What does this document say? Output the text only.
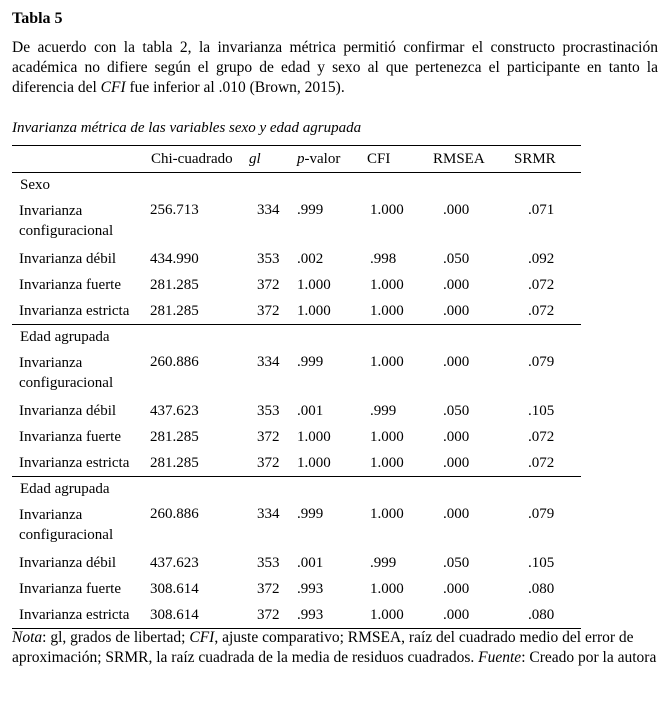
Tabla 5
De acuerdo con la tabla 2, la invarianza métrica permitió confirmar el constructo procrastinación académica no difiere según el grupo de edad y sexo al que pertenezca el participante en tanto la diferencia del CFI fue inferior al .010 (Brown, 2015).
Invarianza métrica de las variables sexo y edad agrupada
	Chi-cuadrado	gl	p-valor	CFI	RMSEA	SRMR
Sexo						
Invarianza configuracional	256.713	334	.999	1.000	.000	.071
Invarianza débil	434.990	353	.002	.998	.050	.092
Invarianza fuerte	281.285	372	1.000	1.000	.000	.072
Invarianza estricta	281.285	372	1.000	1.000	.000	.072
Edad agrupada						
Invarianza configuracional	260.886	334	.999	1.000	.000	.079
Invarianza débil	437.623	353	.001	.999	.050	.105
Invarianza fuerte	281.285	372	1.000	1.000	.000	.072
Invarianza estricta	281.285	372	1.000	1.000	.000	.072
Edad agrupada						
Invarianza configuracional	260.886	334	.999	1.000	.000	.079
Invarianza débil	437.623	353	.001	.999	.050	.105
Invarianza fuerte	308.614	372	.993	1.000	.000	.080
Invarianza estricta	308.614	372	.993	1.000	.000	.080
Nota: gl, grados de libertad; CFI, ajuste comparativo; RMSEA, raíz del cuadrado medio del error de aproximación; SRMR, la raíz cuadrada de la media de residuos cuadrados. Fuente: Creado por la autora
